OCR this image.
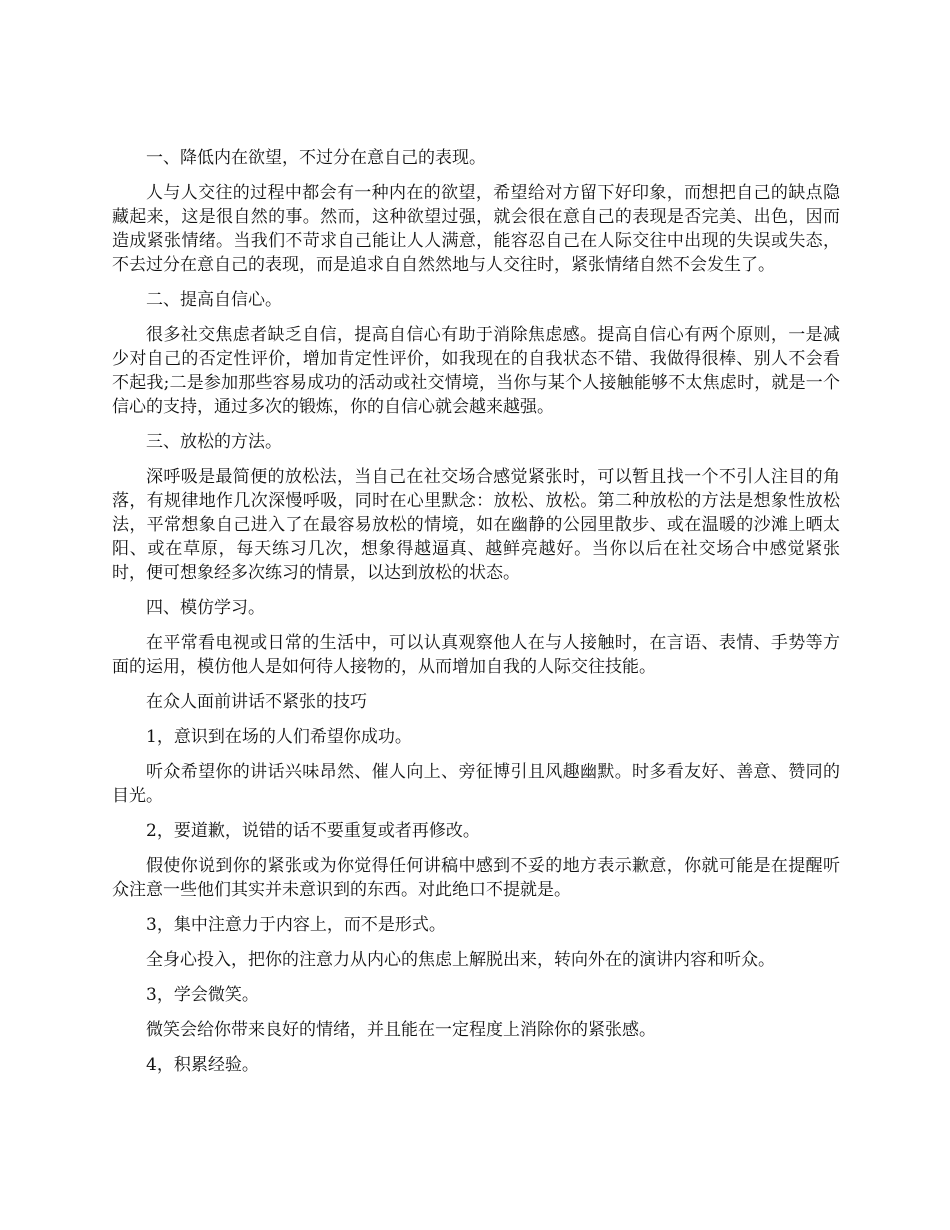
一、降低内在欲望，不过分在意自己的表现。

人与人交往的过程中都会有一种内在的欲望，希望给对方留下好印象，而想把自己的缺点隐藏起来，这是很自然的事。然而，这种欲望过强，就会很在意自己的表现是否完美、出色，因而造成紧张情绪。当我们不苛求自己能让人人满意，能容忍自己在人际交往中出现的失误或失态，不去过分在意自己的表现，而是追求自自然然地与人交往时，紧张情绪自然不会发生了。

二、提高自信心。

很多社交焦虑者缺乏自信，提高自信心有助于消除焦虑感。提高自信心有两个原则，一是减少对自己的否定性评价，增加肯定性评价，如我现在的自我状态不错、我做得很棒、别人不会看不起我;二是参加那些容易成功的活动或社交情境，当你与某个人接触能够不太焦虑时，就是一个信心的支持，通过多次的锻炼，你的自信心就会越来越强。

三、放松的方法。

深呼吸是最简便的放松法，当自己在社交场合感觉紧张时，可以暂且找一个不引人注目的角落，有规律地作几次深慢呼吸，同时在心里默念：放松、放松。第二种放松的方法是想象性放松法，平常想象自己进入了在最容易放松的情境，如在幽静的公园里散步、或在温暖的沙滩上晒太阳、或在草原，每天练习几次，想象得越逼真、越鲜亮越好。当你以后在社交场合中感觉紧张时，便可想象经多次练习的情景，以达到放松的状态。

四、模仿学习。

在平常看电视或日常的生活中，可以认真观察他人在与人接触时，在言语、表情、手势等方面的运用，模仿他人是如何待人接物的，从而增加自我的人际交往技能。

在众人面前讲话不紧张的技巧

1，意识到在场的人们希望你成功。

听众希望你的讲话兴味昂然、催人向上、旁征博引且风趣幽默。时多看友好、善意、赞同的目光。

2，要道歉，说错的话不要重复或者再修改。

假使你说到你的紧张或为你觉得任何讲稿中感到不妥的地方表示歉意，你就可能是在提醒听众注意一些他们其实并未意识到的东西。对此绝口不提就是。

3，集中注意力于内容上，而不是形式。

全身心投入，把你的注意力从内心的焦虑上解脱出来，转向外在的演讲内容和听众。

3，学会微笑。

微笑会给你带来良好的情绪，并且能在一定程度上消除你的紧张感。

4，积累经验。
